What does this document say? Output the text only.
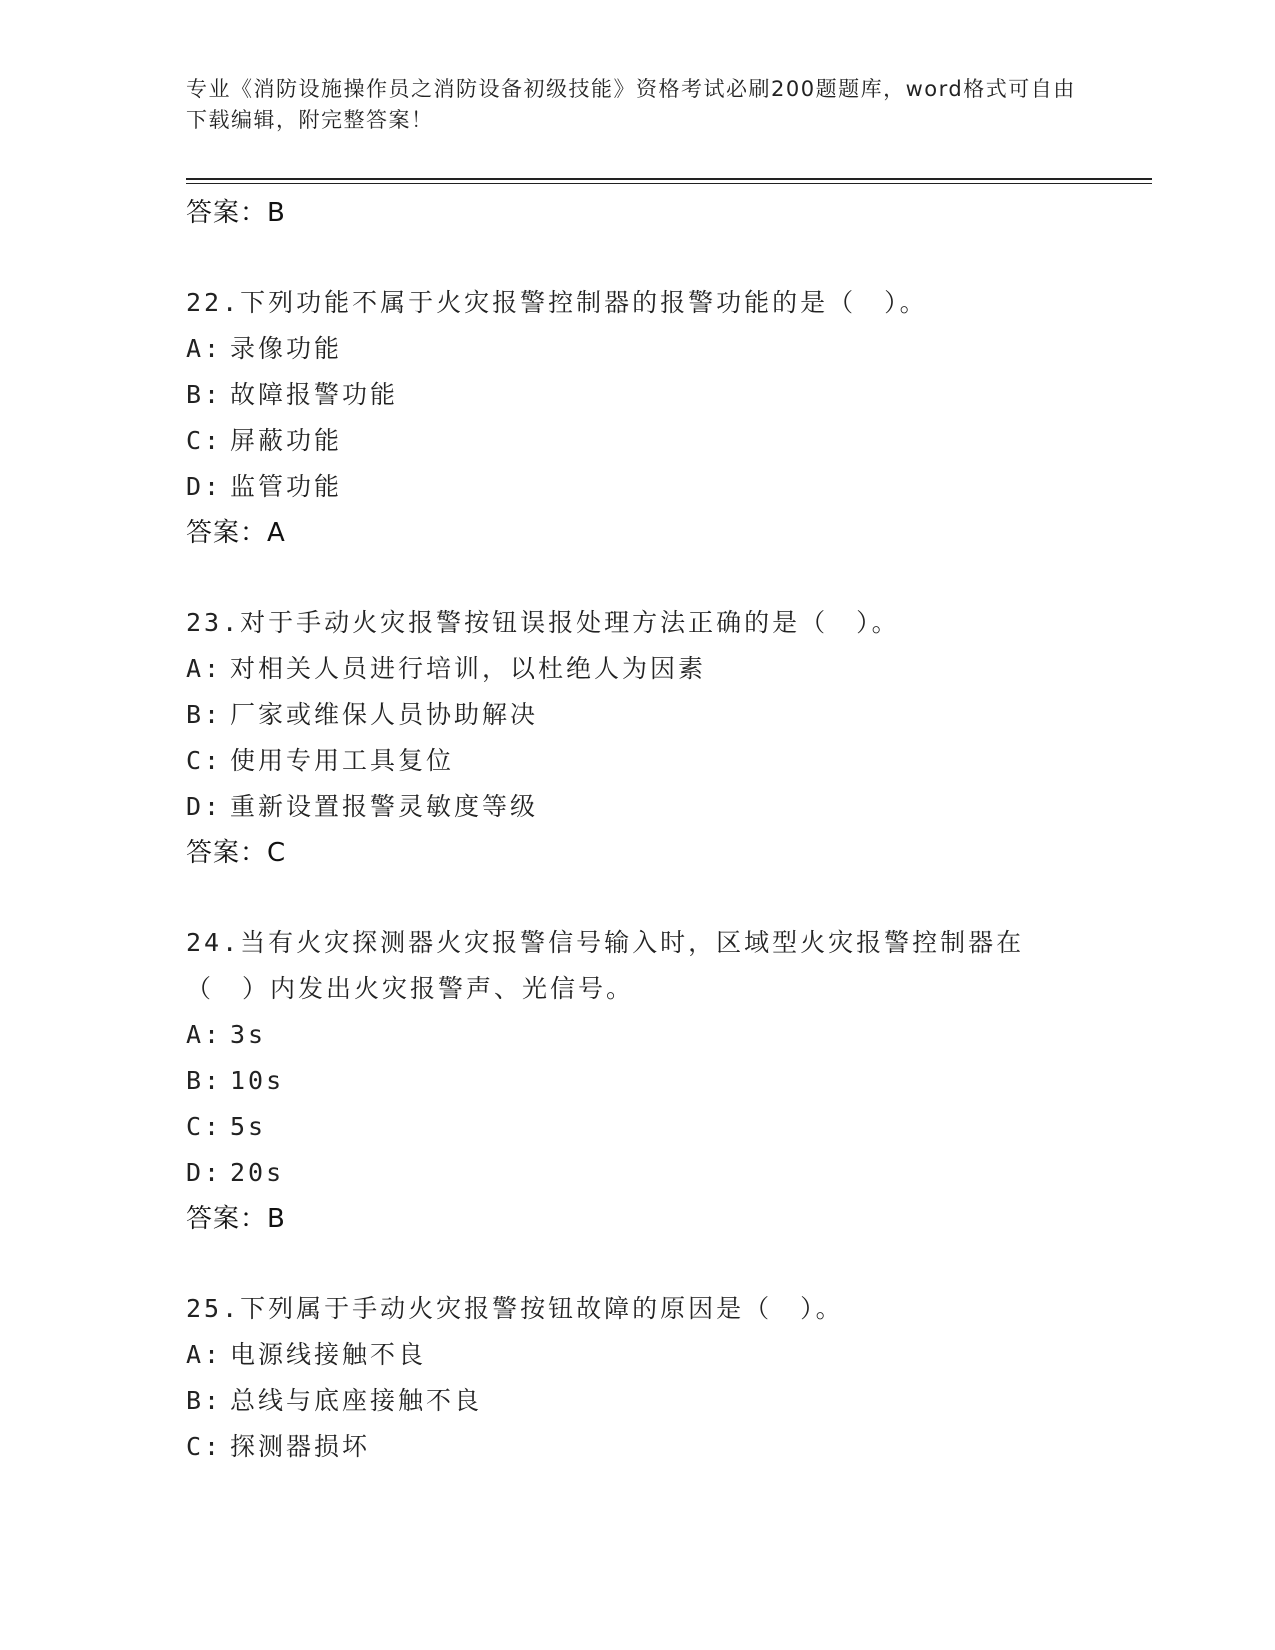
专业《消防设施操作员之消防设备初级技能》资格考试必刷200题题库，word格式可自由下载编辑，附完整答案！
答案：B
22.下列功能不属于火灾报警控制器的报警功能的是（　）。
A: 录像功能
B: 故障报警功能
C: 屏蔽功能
D: 监管功能
答案：A
23.对于手动火灾报警按钮误报处理方法正确的是（　）。
A: 对相关人员进行培训，以杜绝人为因素
B: 厂家或维保人员协助解决
C: 使用专用工具复位
D: 重新设置报警灵敏度等级
答案：C
24.当有火灾探测器火灾报警信号输入时，区域型火灾报警控制器在（　）内发出火灾报警声、光信号。
A: 3s
B: 10s
C: 5s
D: 20s
答案：B
25.下列属于手动火灾报警按钮故障的原因是（　）。
A: 电源线接触不良
B: 总线与底座接触不良
C: 探测器损坏
